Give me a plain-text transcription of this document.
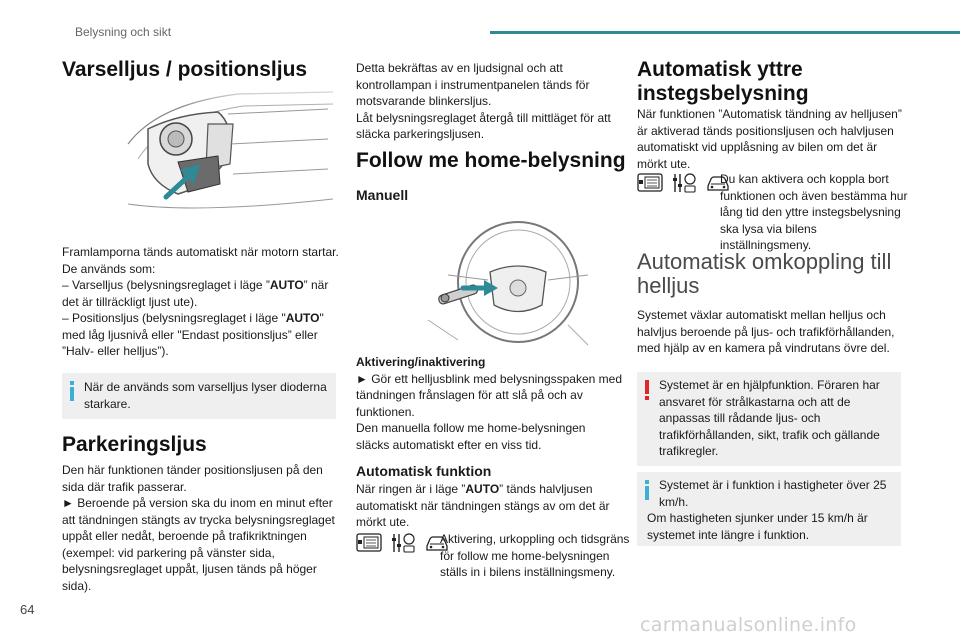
Belysning och sikt
Varselljus / positionsljus
Framlamporna tänds automatiskt när motorn startar.
De används som:
– Varselljus (belysningsreglaget i läge ”AUTO” när det är tillräckligt ljust ute).
– Positionsljus (belysningsreglaget i läge "AUTO" med låg ljusnivå eller "Endast positionsljus” eller ”Halv- eller helljus”).
När de används som varselljus lyser dioderna starkare.
Parkeringsljus
Den här funktionen tänder positionsljusen på den sida där trafik passerar.
► Beroende på version ska du inom en minut efter att tändningen stängts av trycka belysningsreglaget uppåt eller nedåt, beroende på trafikriktningen (exempel: vid parkering på vänster sida, belysningsreglaget uppåt, ljusen tänds på höger sida).
Detta bekräftas av en ljudsignal och att kontrollampan i instrumentpanelen tänds för motsvarande blinkersljus.
Låt belysningsreglaget återgå till mittläget för att släcka parkeringsljusen.
Follow me home-belysning
Manuell
Aktivering/inaktivering
► Gör ett helljusblink med belysningsspaken med tändningen frånslagen för att slå på och av funktionen.
Den manuella follow me home-belysningen släcks automatiskt efter en viss tid.
Automatisk funktion
När ringen är i läge ”AUTO” tänds halvljusen automatiskt när tändningen stängs av om det är mörkt ute.
Aktivering, urkoppling och tidsgräns för follow me home-belysningen ställs in i bilens inställningsmeny.
Automatisk yttre instegsbelysning
När funktionen ”Automatisk tändning av helljusen” är aktiverad tänds positionsljusen och halvljusen automatiskt vid upplåsning av bilen om det är mörkt ute.
Du kan aktivera och koppla bort funktionen och även bestämma hur lång tid den yttre instegsbelysning ska lysa via bilens inställningsmeny.
Automatisk omkoppling till helljus
Systemet växlar automatiskt mellan helljus och halvljus beroende på ljus- och trafikförhållanden, med hjälp av en kamera på vindrutans övre del.
Systemet är en hjälpfunktion. Föraren har ansvaret för strålkastarna och att de anpassas till rådande ljus- och trafikförhållanden, sikt, trafik och gällande trafikregler.
Systemet är i funktion i hastigheter över 25 km/h.
Om hastigheten sjunker under 15 km/h är systemet inte längre i funktion.
64
carmanualsonline.info
